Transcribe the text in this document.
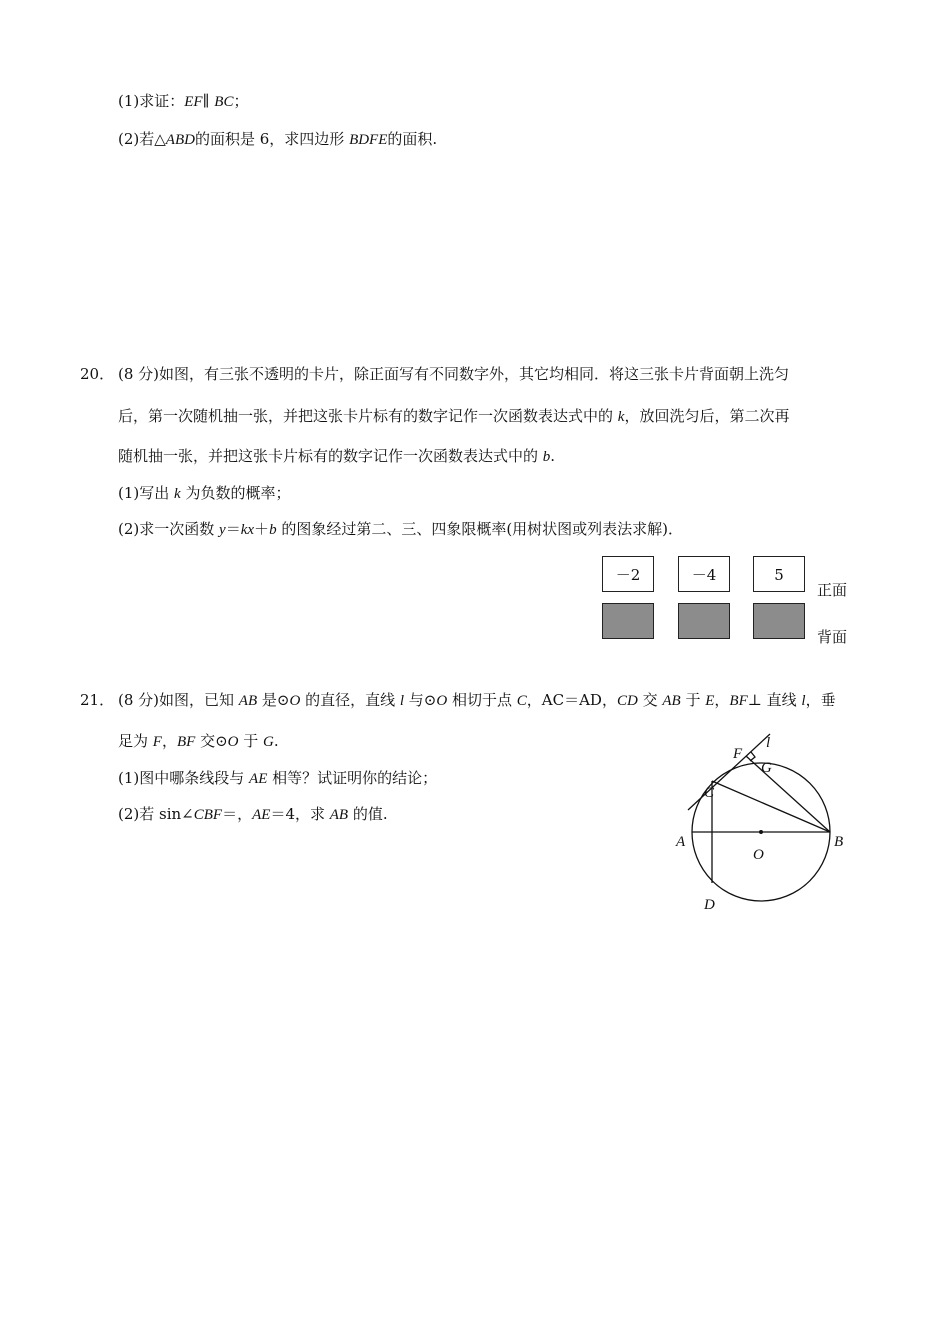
(1)求证：EF∥ BC；
(2)若△ABD的面积是 6，求四边形 BDFE的面积.
20． (8 分)如图，有三张不透明的卡片，除正面写有不同数字外，其它均相同．将这三张卡片背面朝上洗匀
后，第一次随机抽一张，并把这张卡片标有的数字记作一次函数表达式中的 k，放回洗匀后，第二次再
随机抽一张，并把这张卡片标有的数字记作一次函数表达式中的 b.
(1)写出 k 为负数的概率；
(2)求一次函数 y＝kx＋b 的图象经过第二、三、四象限概率(用树状图或列表法求解)．
－2	－4	5
正面
背面
21． (8 分)如图，已知 AB 是⊙O 的直径，直线 l 与⊙O 相切于点 C，AC＝AD，CD 交 AB 于 E，BF⊥ 直线 l，垂
足为 F，BF 交⊙O 于 G.
(1)图中哪条线段与 AE 相等？试证明你的结论；
(2)若 sin∠CBF＝，AE＝4，求 AB 的值.
F
l
G
C
A
O
B
D
